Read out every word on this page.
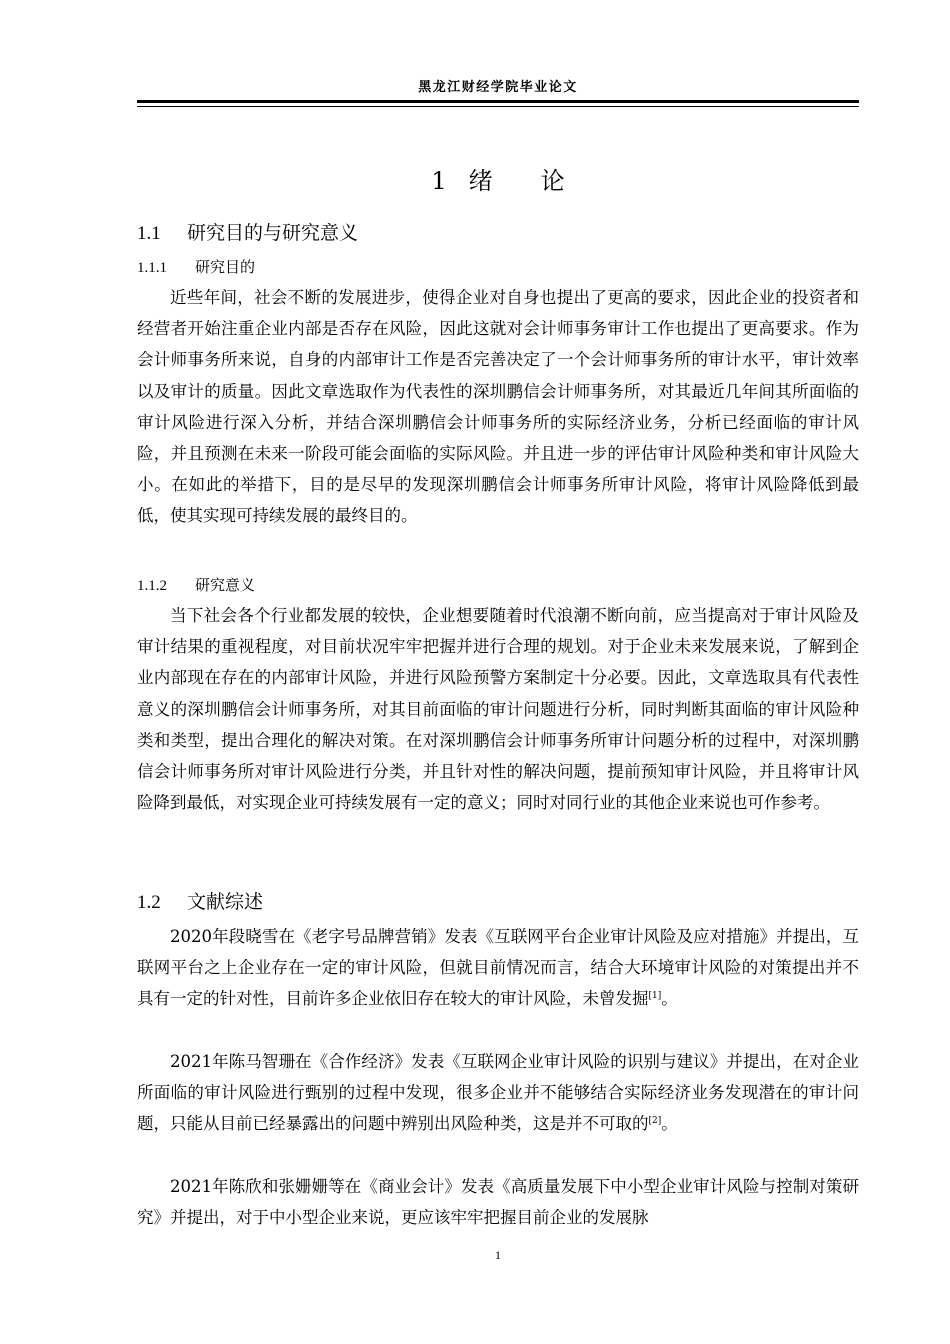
黑龙江财经学院毕业论文
1 绪 论
1.1 研究目的与研究意义
1.1.1 研究目的

近些年间，社会不断的发展进步，使得企业对自身也提出了更高的要求，因此企业的投资者和经营者开始注重企业内部是否存在风险，因此这就对会计师事务审计工作也提出了更高要求。作为会计师事务所来说，自身的内部审计工作是否完善决定了一个会计师事务所的审计水平，审计效率以及审计的质量。因此文章选取作为代表性的深圳鹏信会计师事务所，对其最近几年间其所面临的审计风险进行深入分析，并结合深圳鹏信会计师事务所的实际经济业务，分析已经面临的审计风险，并且预测在未来一阶段可能会面临的实际风险。并且进一步的评估审计风险种类和审计风险大小。在如此的举措下，目的是尽早的发现深圳鹏信会计师事务所审计风险，将审计风险降低到最低，使其实现可持续发展的最终目的。

1.1.2 研究意义

当下社会各个行业都发展的较快，企业想要随着时代浪潮不断向前，应当提高对于审计风险及审计结果的重视程度，对目前状况牢牢把握并进行合理的规划。对于企业未来发展来说，了解到企业内部现在存在的内部审计风险，并进行风险预警方案制定十分必要。因此，文章选取具有代表性意义的深圳鹏信会计师事务所，对其目前面临的审计问题进行分析，同时判断其面临的审计风险种类和类型，提出合理化的解决对策。在对深圳鹏信会计师事务所审计问题分析的过程中，对深圳鹏信会计师事务所对审计风险进行分类，并且针对性的解决问题，提前预知审计风险，并且将审计风险降到最低，对实现企业可持续发展有一定的意义；同时对同行业的其他企业来说也可作参考。

1.2 文献综述

2020年段晓雪在《老字号品牌营销》发表《互联网平台企业审计风险及应对措施》并提出，互联网平台之上企业存在一定的审计风险，但就目前情况而言，结合大环境审计风险的对策提出并不具有一定的针对性，目前许多企业依旧存在较大的审计风险，未曾发掘[1]。

2021年陈马智珊在《合作经济》发表《互联网企业审计风险的识别与建议》并提出，在对企业所面临的审计风险进行甄别的过程中发现，很多企业并不能够结合实际经济业务发现潜在的审计问题，只能从目前已经暴露出的问题中辨别出风险种类，这是并不可取的[2]。

2021年陈欣和张姗姗等在《商业会计》发表《高质量发展下中小型企业审计风险与控制对策研究》并提出，对于中小型企业来说，更应该牢牢把握目前企业的发展脉

1
